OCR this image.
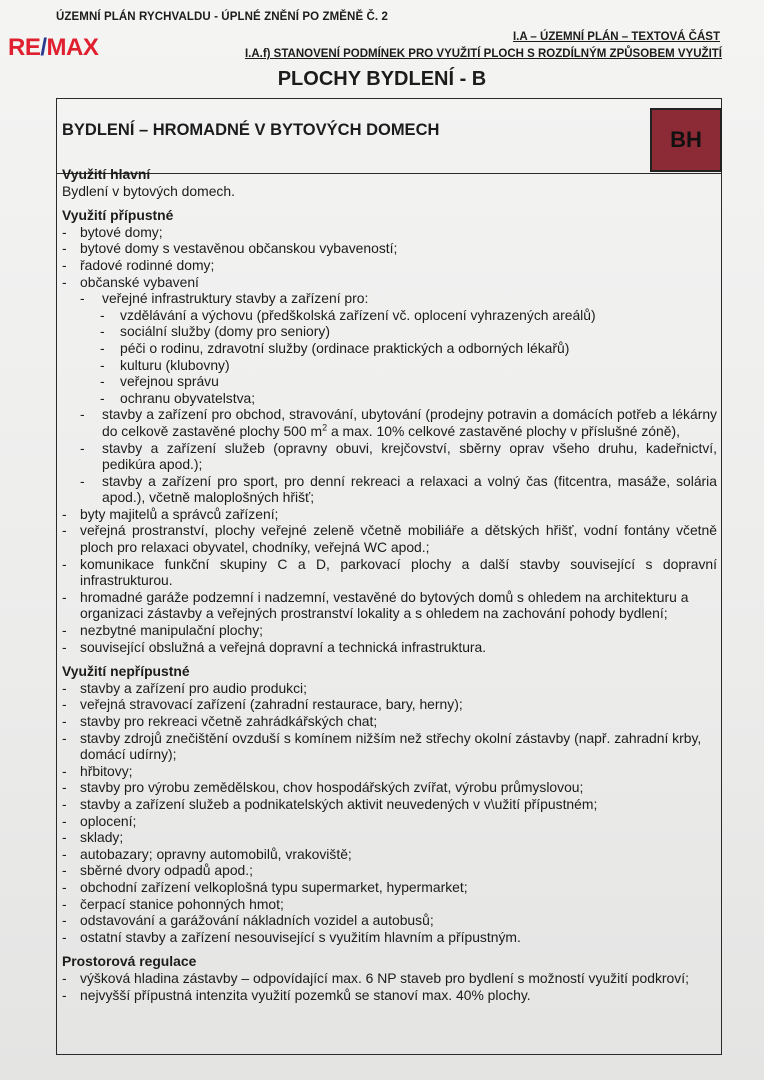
RE/MAX
ÚZEMNÍ PLÁN RYCHVALDU - ÚPLNÉ ZNĚNÍ PO ZMĚNĚ Č. 2
I.A – ÚZEMNÍ PLÁN – TEXTOVÁ ČÁST
I.A.f) STANOVENÍ PODMÍNEK PRO VYUŽITÍ PLOCH S ROZDÍLNÝM ZPŮSOBEM VYUŽITÍ
PLOCHY BYDLENÍ - B
BYDLENÍ – HROMADNÉ V BYTOVÝCH DOMECH	BH
Využití hlavní
Bydlení v bytových domech.
Využití přípustné
- bytové domy;
- bytové domy s vestavěnou občanskou vybaveností;
- řadové rodinné domy;
- občanské vybavení
- veřejné infrastruktury stavby a zařízení pro:
- vzdělávání a výchovu (předškolská zařízení vč. oplocení vyhrazených areálů)
- sociální služby (domy pro seniory)
- péči o rodinu, zdravotní služby (ordinace praktických a odborných lékařů)
- kulturu (klubovny)
- veřejnou správu
- ochranu obyvatelstva;
- stavby a zařízení pro obchod, stravování, ubytování (prodejny potravin a domácích potřeb a lékárny do celkově zastavěné plochy 500 $m^2$ a max. 10% celkové zastavěné plochy v příslušné zóně),
- stavby a zařízení služeb (opravny obuvi, krejčovství, sběrny oprav všeho druhu, kadeřnictví, pedikúra apod.);
- stavby a zařízení pro sport, pro denní rekreaci a relaxaci a volný čas (fitcentra, masáže, solária apod.), včetně maloplošných hřišť;
- byty majitelů a správců zařízení;
- veřejná prostranství, plochy veřejné zeleně včetně mobiliáře a dětských hřišť, vodní fontány včetně ploch pro relaxaci obyvatel, chodníky, veřejná WC apod.;
- komunikace funkční skupiny C a D, parkovací plochy a další stavby související s dopravní infrastrukturou.
- hromadné garáže podzemní i nadzemní, vestavěné do bytových domů s ohledem na architekturu a organizaci zástavby a veřejných prostranství lokality a s ohledem na zachování pohody bydlení;
- nezbytné manipulační plochy;
- související obslužná a veřejná dopravní a technická infrastruktura.
Využití nepřípustné
- stavby a zařízení pro audio produkci;
- veřejná stravovací zařízení (zahradní restaurace, bary, herny);
- stavby pro rekreaci včetně zahrádkářských chat;
- stavby zdrojů znečištění ovzduší s komínem nižším než střechy okolní zástavby (např. zahradní krby, domácí udírny);
- hřbitovy;
- stavby pro výrobu zemědělskou, chov hospodářských zvířat, výrobu průmyslovou;
- stavby a zařízení služeb a podnikatelských aktivit neuvedených v v\užití přípustném;
- oplocení;
- sklady;
- autobazary; opravny automobilů, vrakoviště;
- sběrné dvory odpadů apod.;
- obchodní zařízení velkoplošná typu supermarket, hypermarket;
- čerpací stanice pohonných hmot;
- odstavování a garážování nákladních vozidel a autobusů;
- ostatní stavby a zařízení nesouvisející s využitím hlavním a přípustným.
Prostorová regulace
- výšková hladina zástavby – odpovídající max. 6 NP staveb pro bydlení s možností využití podkroví;
- nejvyšší přípustná intenzita využití pozemků se stanoví max. 40% plochy.
